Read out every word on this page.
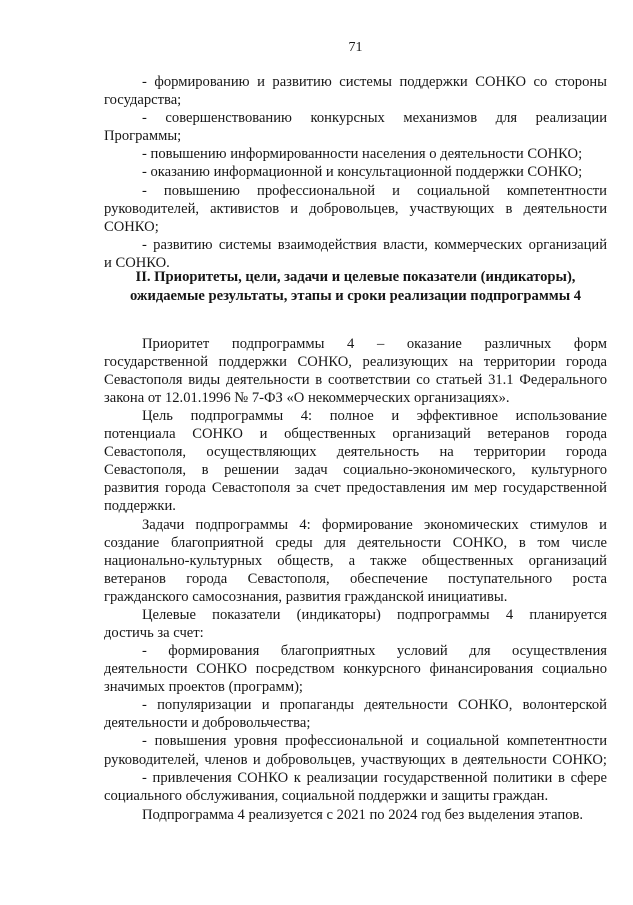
71
- формированию и развитию системы поддержки СОНКО со стороны
государства;
- совершенствованию конкурсных механизмов для реализации
Программы;
- повышению информированности населения о деятельности СОНКО;
- оказанию информационной и консультационной поддержки СОНКО;
- повышению профессиональной и социальной компетентности
руководителей, активистов и добровольцев, участвующих в деятельности
СОНКО;
- развитию системы взаимодействия власти, коммерческих организаций
и СОНКО.
II. Приоритеты, цели, задачи и целевые показатели (индикаторы),
ожидаемые результаты, этапы и сроки реализации подпрограммы 4
Приоритет подпрограммы 4 – оказание различных форм
государственной поддержки СОНКО, реализующих на территории города
Севастополя виды деятельности в соответствии со статьей 31.1 Федерального
закона от 12.01.1996 № 7-ФЗ «О некоммерческих организациях».
Цель подпрограммы 4: полное и эффективное использование
потенциала СОНКО и общественных организаций ветеранов города
Севастополя, осуществляющих деятельность на территории города
Севастополя, в решении задач социально-экономического, культурного
развития города Севастополя за счет предоставления им мер государственной
поддержки.
Задачи подпрограммы 4: формирование экономических стимулов и
создание благоприятной среды для деятельности СОНКО, в том числе
национально-культурных обществ, а также общественных организаций
ветеранов города Севастополя, обеспечение поступательного роста
гражданского самосознания, развития гражданской инициативы.
Целевые показатели (индикаторы) подпрограммы 4 планируется
достичь за счет:
- формирования благоприятных условий для осуществления
деятельности СОНКО посредством конкурсного финансирования социально
значимых проектов (программ);
- популяризации и пропаганды деятельности СОНКО, волонтерской
деятельности и добровольчества;
- повышения уровня профессиональной и социальной компетентности
руководителей, членов и добровольцев, участвующих в деятельности СОНКО;
- привлечения СОНКО к реализации государственной политики в сфере
социального обслуживания, социальной поддержки и защиты граждан.
Подпрограмма 4 реализуется с 2021 по 2024 год без выделения этапов.
